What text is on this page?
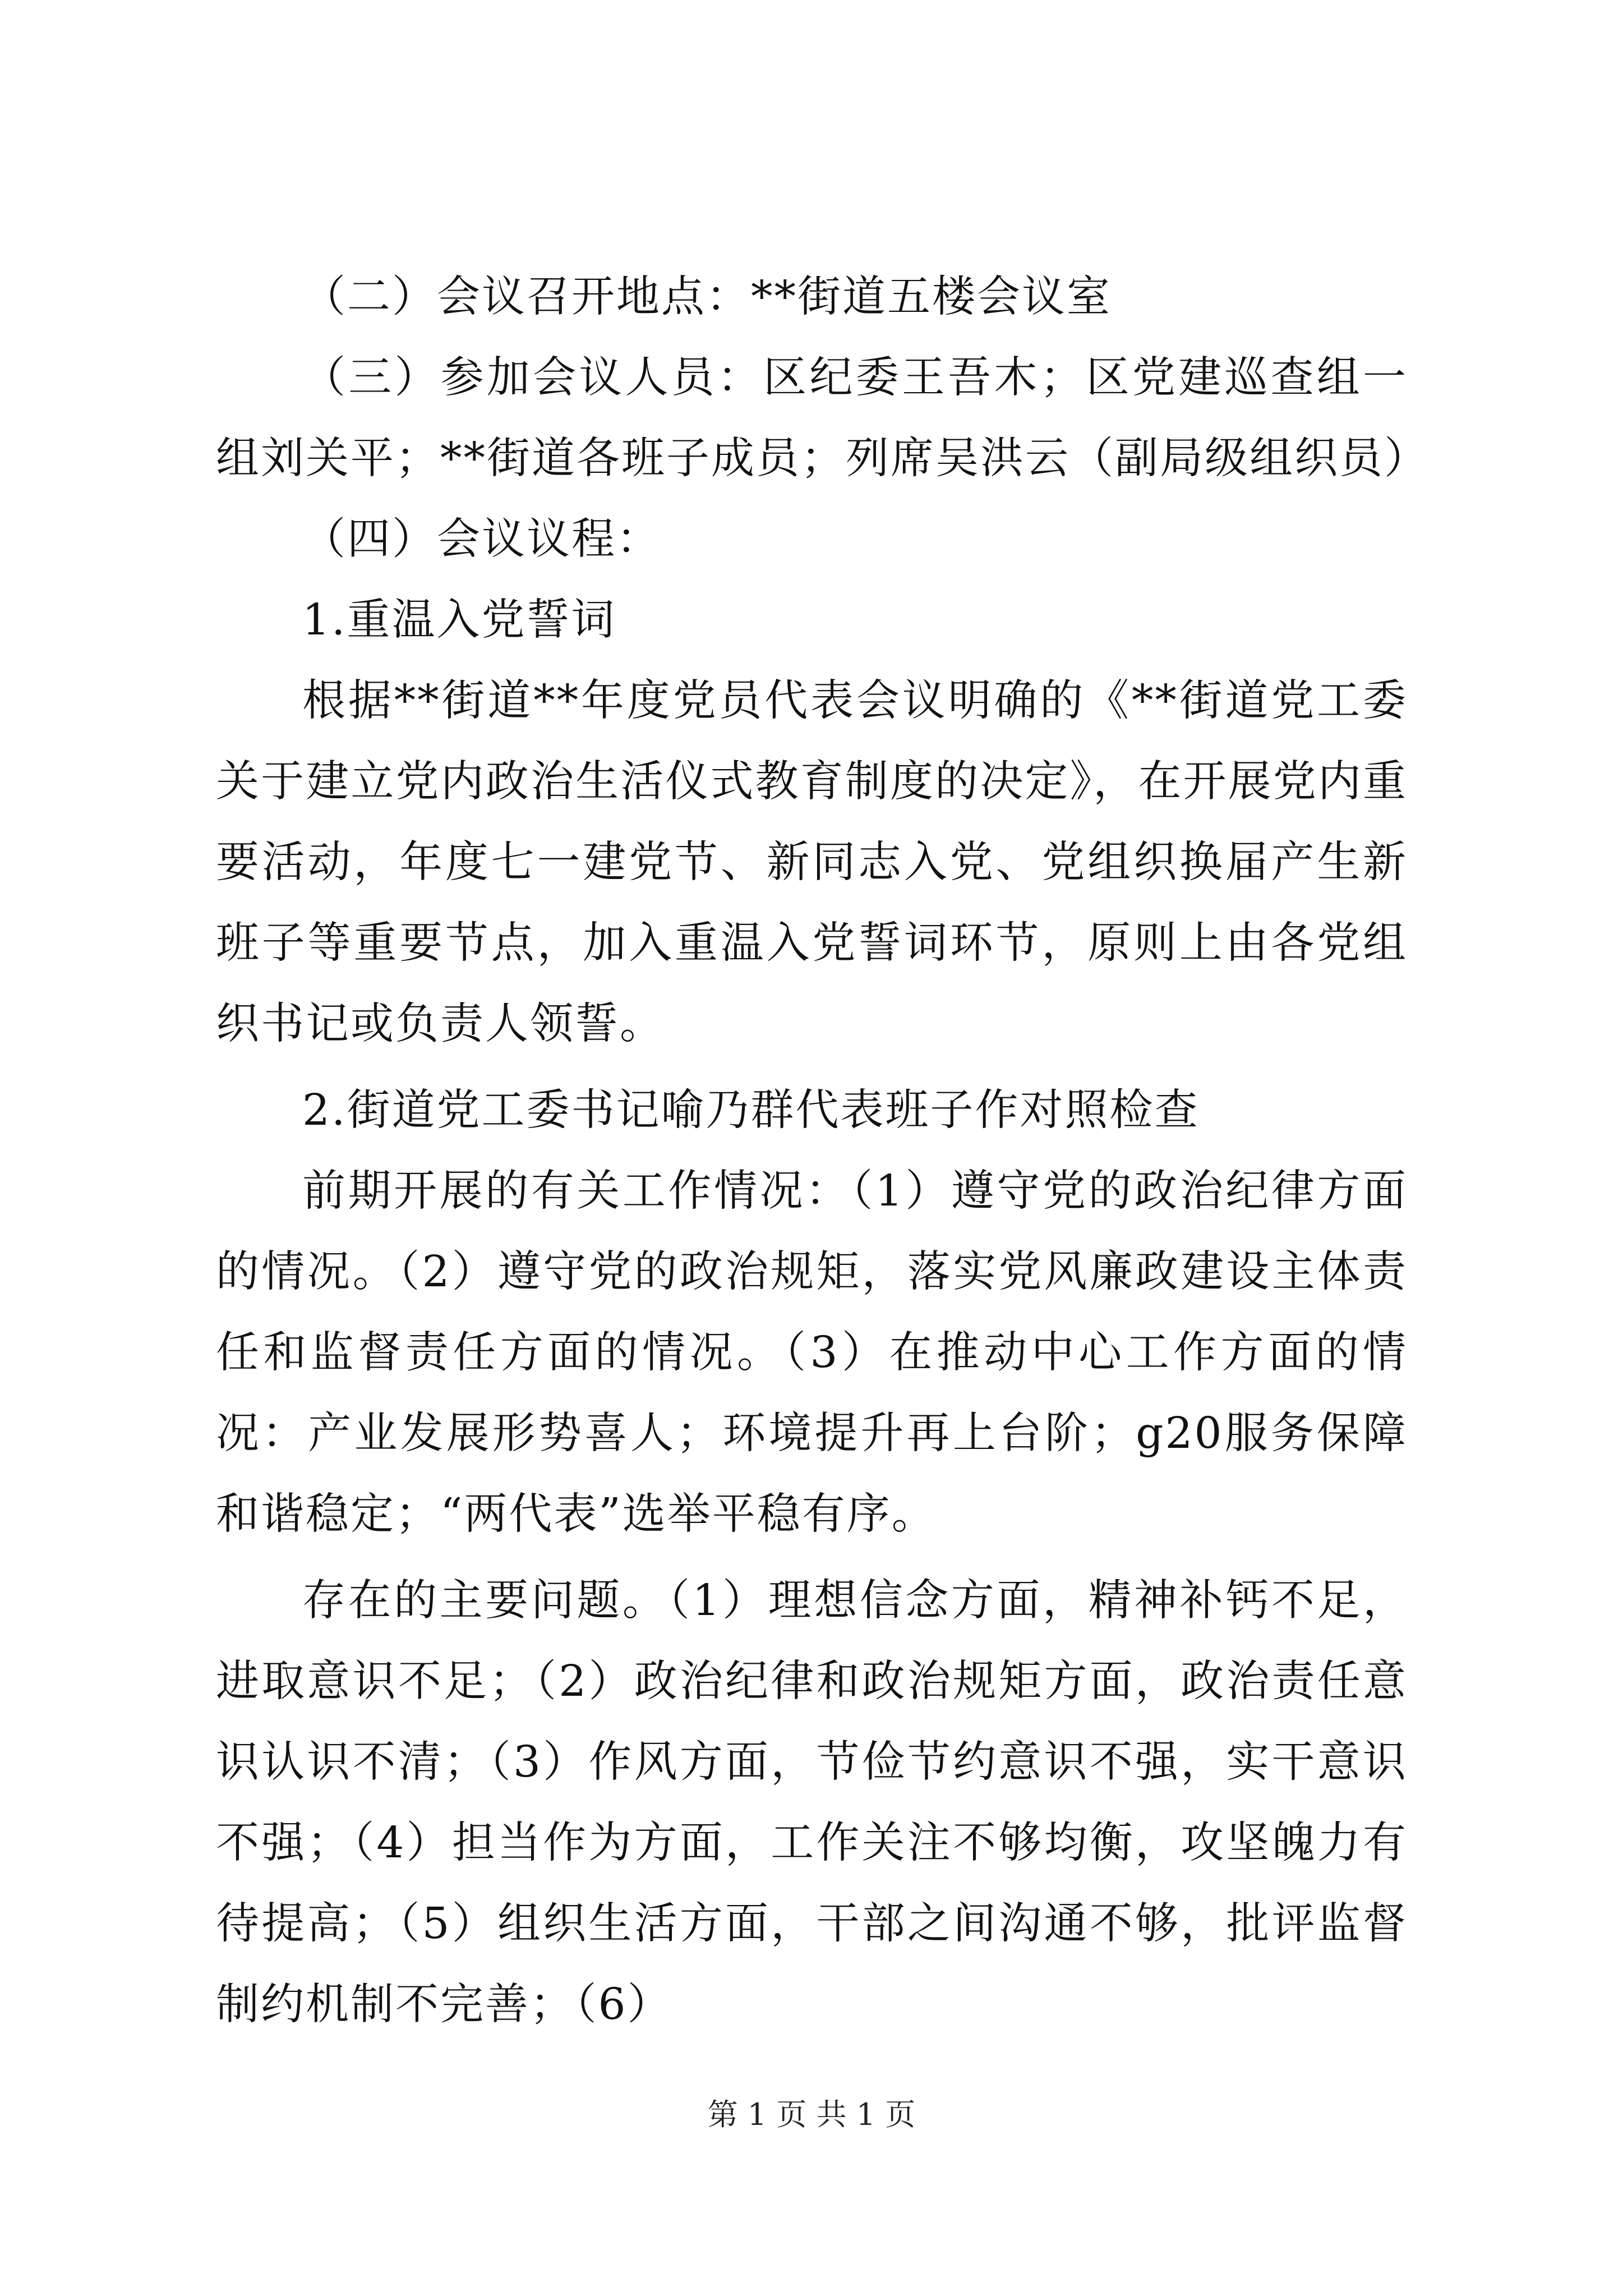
（二）会议召开地点：**街道五楼会议室

（三）参加会议人员：区纪委王吾木；区党建巡查组一组刘关平；**街道各班子成员；列席吴洪云（副局级组织员）

（四）会议议程：

1.重温入党誓词

根据**街道**年度党员代表会议明确的《**街道党工委关于建立党内政治生活仪式教育制度的决定》，在开展党内重要活动，年度七一建党节、新同志入党、党组织换届产生新班子等重要节点，加入重温入党誓词环节，原则上由各党组织书记或负责人领誓。

2.街道党工委书记喻乃群代表班子作对照检查

前期开展的有关工作情况：（1）遵守党的政治纪律方面的情况。（2）遵守党的政治规矩，落实党风廉政建设主体责任和监督责任方面的情况。（3）在推动中心工作方面的情况：产业发展形势喜人；环境提升再上台阶；g20服务保障和谐稳定；“两代表”选举平稳有序。

存在的主要问题。（1）理想信念方面，精神补钙不足，进取意识不足；（2）政治纪律和政治规矩方面，政治责任意识认识不清；（3）作风方面，节俭节约意识不强，实干意识不强；（4）担当作为方面，工作关注不够均衡，攻坚魄力有待提高；（5）组织生活方面，干部之间沟通不够，批评监督制约机制不完善；（6）

第 1 页 共 1 页
